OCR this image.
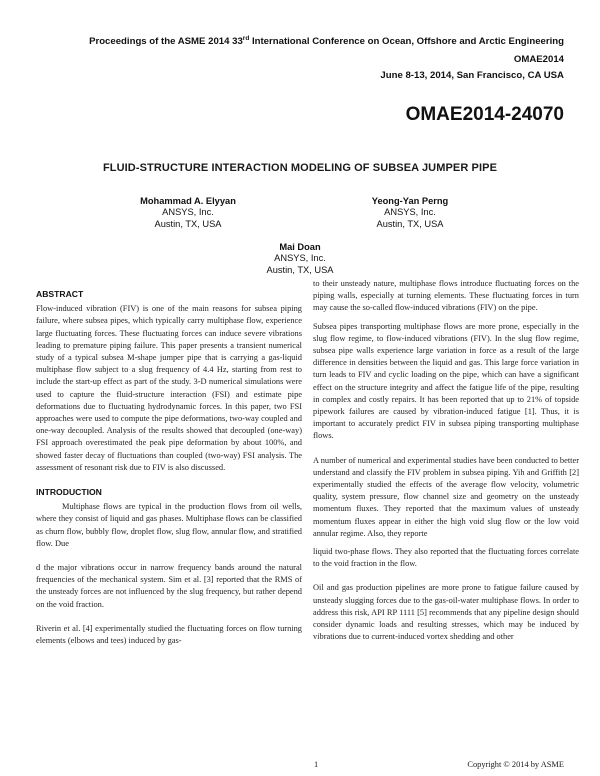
Proceedings of the ASME 2014 33rd International Conference on Ocean, Offshore and Arctic Engineering
OMAE2014
June 8-13, 2014, San Francisco, CA USA
OMAE2014-24070
FLUID-STRUCTURE INTERACTION MODELING OF SUBSEA JUMPER PIPE
Mohammad A. Elyyan
ANSYS, Inc.
Austin, TX, USA
Yeong-Yan Perng
ANSYS, Inc.
Austin, TX, USA
Mai Doan
ANSYS, Inc.
Austin, TX, USA
ABSTRACT

Flow-induced vibration (FIV) is one of the main reasons for subsea piping failure, where subsea pipes, which typically carry multiphase flow, experience large fluctuating forces. These fluctuating forces can induce severe vibrations leading to premature piping failure. This paper presents a transient numerical study of a typical subsea M-shape jumper pipe that is carrying a gas-liquid multiphase flow subject to a slug frequency of 4.4 Hz, starting from rest to include the start-up effect as part of the study. 3-D numerical simulations were used to capture the fluid-structure interaction (FSI) and estimate pipe deformations due to fluctuating hydrodynamic forces. In this paper, two FSI approaches were used to compute the pipe deformations, two-way coupled and one-way decoupled. Analysis of the results showed that decoupled (one-way) FSI approach overestimated the peak pipe deformation by about 100%, and showed faster decay of fluctuations than coupled (two-way) FSI analysis. The assessment of resonant risk due to FIV is also discussed.

INTRODUCTION

Multiphase flows are typical in the production flows from oil wells, where they consist of liquid and gas phases. Multiphase flows can be classified as churn flow, bubbly flow, droplet flow, slug flow, annular flow, and stratified flow. Due

d the major vibrations occur in narrow frequency bands around the natural frequencies of the mechanical system. Sim et al. [3] reported that the RMS of the unsteady forces are not influenced by the slug frequency, but rather depend on the void fraction.

Riverin et al. [4] experimentally studied the fluctuating forces on flow turning elements (elbows and tees) induced by gas-

to their unsteady nature, multiphase flows introduce fluctuating forces on the piping walls, especially at turning elements. These fluctuating forces in turn may cause the so-called flow-induced vibrations (FIV) on the pipe.

Subsea pipes transporting multiphase flows are more prone, especially in the slug flow regime, to flow-induced vibrations (FIV). In the slug flow regime, subsea pipe walls experience large variation in force as a result of the large difference in densities between the liquid and gas. This large force variation in turn leads to FIV and cyclic loading on the pipe, which can have a significant effect on the structure integrity and affect the fatigue life of the pipe, resulting in complex and costly repairs. It has been reported that up to 21% of topside pipework failures are caused by vibration-induced fatigue [1]. Thus, it is important to accurately predict FIV in subsea piping transporting multiphase flows.

A number of numerical and experimental studies have been conducted to better understand and classify the FIV problem in subsea piping. Yih and Griffith [2] experimentally studied the effects of the average flow velocity, volumetric quality, system pressure, flow channel size and geometry on the unsteady momentum fluxes. They reported that the maximum values of unsteady momentum fluxes appear in either the high void slug flow or the low void annular regime. Also, they reporte

liquid two-phase flows. They also reported that the fluctuating forces correlate to the void fraction in the flow.

Oil and gas production pipelines are more prone to fatigue failure caused by unsteady slugging forces due to the gas-oil-water multiphase flows. In order to address this risk, API RP 1111 [5] recommends that any pipeline design should consider dynamic loads and resulting stresses, which may be induced by vibrations due to current-induced vortex shedding and other

1	Copyright © 2014 by ASME
